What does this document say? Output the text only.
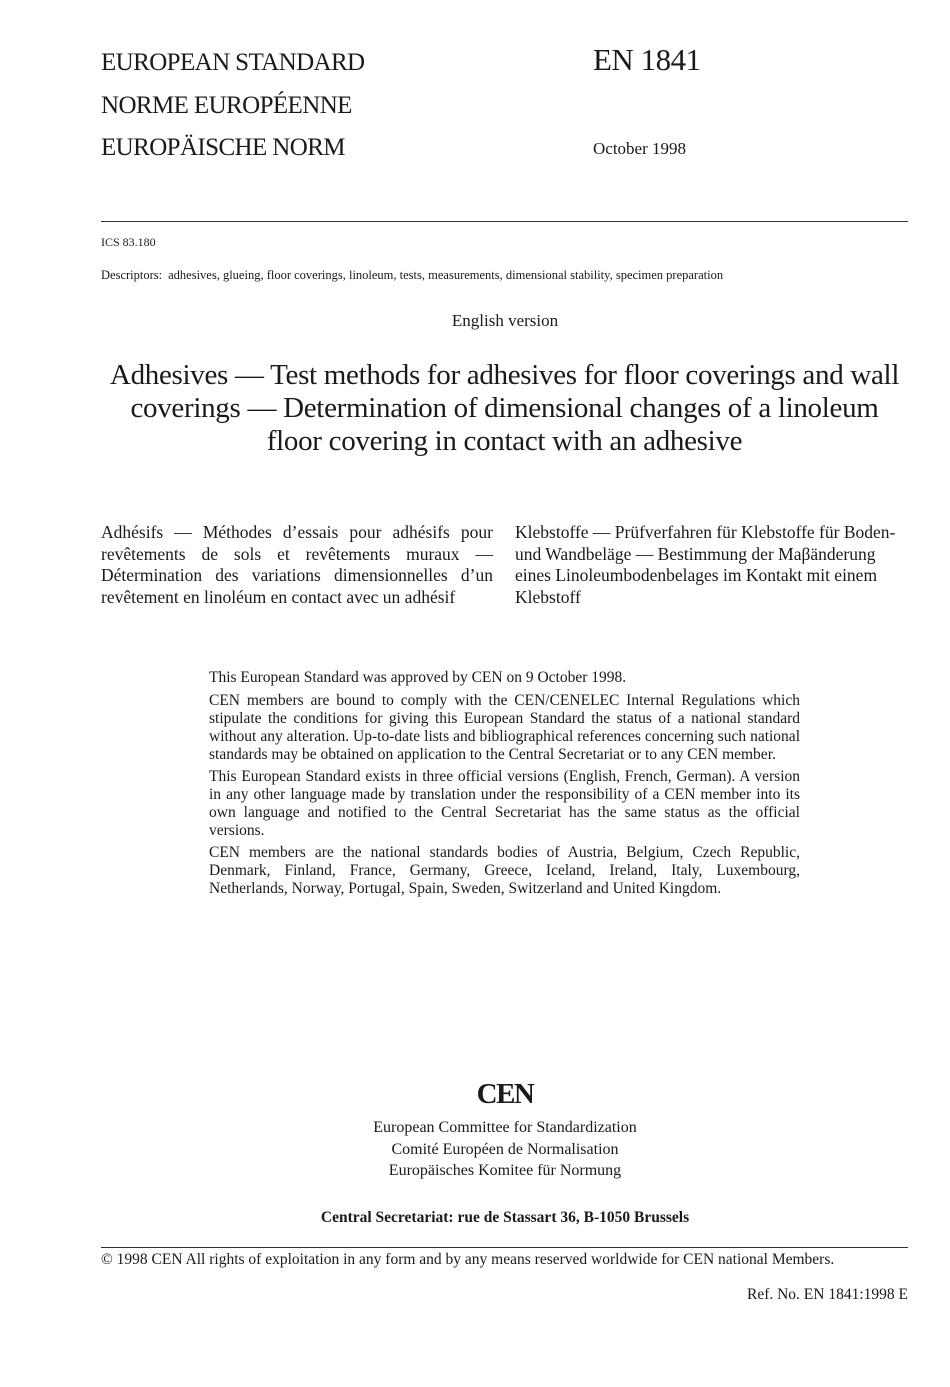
EUROPEAN STANDARD
NORME EUROPÉENNE
EUROPÄISCHE NORM
EN 1841
October 1998
ICS 83.180
Descriptors: adhesives, glueing, floor coverings, linoleum, tests, measurements, dimensional stability, specimen preparation
English version
Adhesives — Test methods for adhesives for floor coverings and wall coverings — Determination of dimensional changes of a linoleum floor covering in contact with an adhesive
Adhésifs — Méthodes d’essais pour adhésifs pour revêtements de sols et revêtements muraux — Détermination des variations dimensionnelles d’un revêtement en linoléum en contact avec un adhésif
Klebstoffe — Prüfverfahren für Klebstoffe für Boden- und Wandbeläge — Bestimmung der Maβänderung eines Linoleumbodenbelages im Kontakt mit einem Klebstoff

This European Standard was approved by CEN on 9 October 1998.

CEN members are bound to comply with the CEN/CENELEC Internal Regulations which stipulate the conditions for giving this European Standard the status of a national standard without any alteration. Up-to-date lists and bibliographical references concerning such national standards may be obtained on application to the Central Secretariat or to any CEN member.

This European Standard exists in three official versions (English, French, German). A version in any other language made by translation under the responsibility of a CEN member into its own language and notified to the Central Secretariat has the same status as the official versions.

CEN members are the national standards bodies of Austria, Belgium, Czech Republic, Denmark, Finland, France, Germany, Greece, Iceland, Ireland, Italy, Luxembourg, Netherlands, Norway, Portugal, Spain, Sweden, Switzerland and United Kingdom.

CEN
European Committee for Standardization
Comité Européen de Normalisation
Europäisches Komitee für Normung
Central Secretariat: rue de Stassart 36, B-1050 Brussels
© 1998 CEN All rights of exploitation in any form and by any means reserved worldwide for CEN national Members.
Ref. No. EN 1841:1998 E
